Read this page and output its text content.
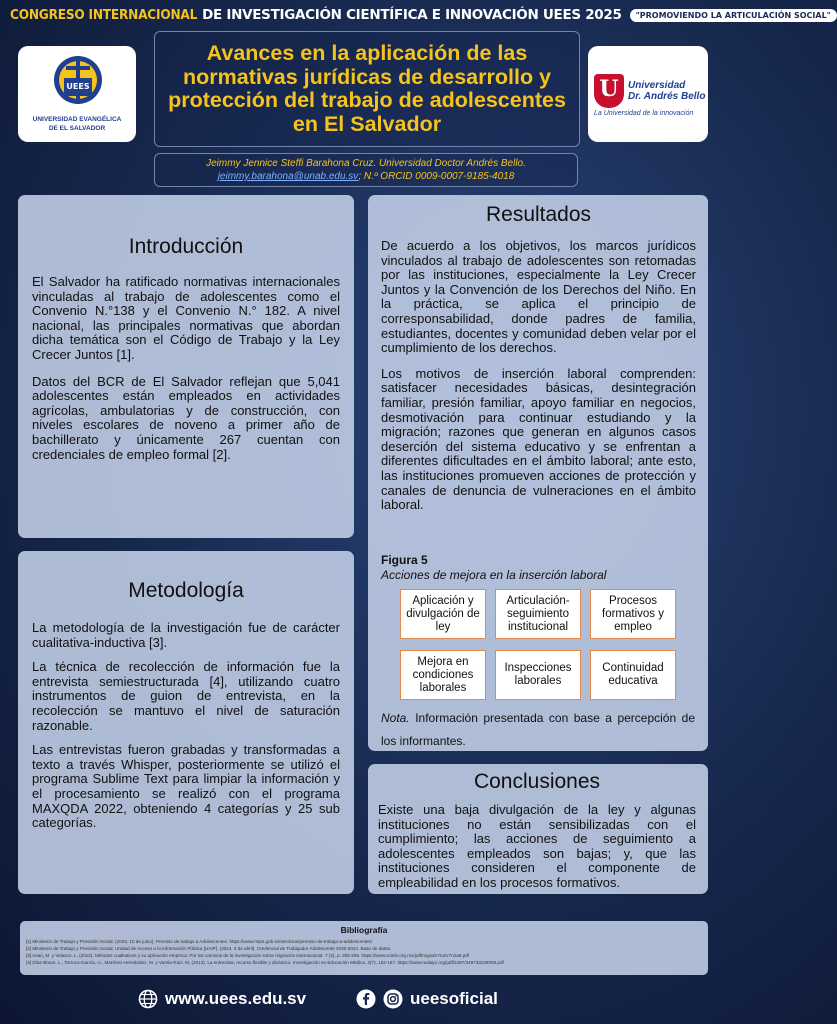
CONGRESO INTERNACIONAL DE INVESTIGACIÓN CIENTÍFICA E INNOVACIÓN UEES 2025	"PROMOVIENDO LA ARTICULACIÓN SOCIAL"
UEES
UNIVERSIDAD EVANGÉLICA
DE EL SALVADOR
Avances en la aplicación de las normativas jurídicas de desarrollo y protección del trabajo de adolescentes en El Salvador
U Universidad
Dr. Andrés Bello
La Universidad de la innovación
Jeimmy Jennice Steffi Barahona Cruz. Universidad Doctor Andrés Bello.
jeimmy.barahona@unab.edu.sv; N.º ORCID 0009-0007-9185-4018
Introducción

El Salvador ha ratificado normativas internacionales vinculadas al trabajo de adolescentes como el Convenio N.°138 y el Convenio N.° 182. A nivel nacional, las principales normativas que abordan dicha temática son el Código de Trabajo y la Ley Crecer Juntos [1].

Datos del BCR de El Salvador reflejan que 5,041 adolescentes están empleados en actividades agrícolas, ambulatorias y de construcción, con niveles escolares de noveno a primer año de bachillerato y únicamente 267 cuentan con credenciales de empleo formal [2].

Metodología

La metodología de la investigación fue de carácter cualitativa-inductiva [3].

La técnica de recolección de información fue la entrevista semiestructurada [4], utilizando cuatro instrumentos de guion de entrevista, en la recolección se mantuvo el nivel de saturación razonable.

Las entrevistas fueron grabadas y transformadas a texto a través Whisper, posteriormente se utilizó el programa Sublime Text para limpiar la información y el procesamiento se realizó con el programa MAXQDA 2022, obteniendo 4 categorías y 25 sub categorías.

Resultados

De acuerdo a los objetivos, los marcos jurídicos vinculados al trabajo de adolescentes son retomadas por las instituciones, especialmente la Ley Crecer Juntos y la Convención de los Derechos del Niño. En la práctica, se aplica el principio de corresponsabilidad, donde padres de familia, estudiantes, docentes y comunidad deben velar por el cumplimiento de los derechos.

Los motivos de inserción laboral comprenden: satisfacer necesidades básicas, desintegración familiar, presión familiar, apoyo familiar en negocios, desmotivación para continuar estudiando y la migración; razones que generan en algunos casos deserción del sistema educativo y se enfrentan a diferentes dificultades en el ámbito laboral; ante esto, las instituciones promueven acciones de protección y canales de denuncia de vulneraciones en el ámbito laboral.

Figura 5
Acciones de mejora en la inserción laboral
Aplicación y divulgación de ley
Articulación-seguimiento institucional
Procesos formativos y empleo
Mejora en condiciones laborales
Inspecciones laborales
Continuidad educativa
Nota. Información presentada con base a percepción de los informantes.
Conclusiones

Existe una baja divulgación de la ley y algunas instituciones no están sensibilizadas con el cumplimiento; las acciones de seguimiento a adolescentes empleados son bajas; y, que las instituciones consideren el componente de empleabilidad en los procesos formativos.

Bibliografía
[1] Ministerio de Trabajo y Previsión Social. (2023, 10 de junio). Permiso de trabajo a Adolescentes. https://www.mtps.gob.sv/servicios/permiso-de-trabajo-a-adolescentes/
[2] Ministerio de Trabajo y Previsión Social, Unidad de Acceso a la Información Pública [UAIP]. (2024, 8 de abril). Credencial de Trabajador Adolescente 2020-2024. Base de datos.
[3] Anaú, M. y Velasco, L. (2012). Métodos cualitativos y su aplicación empírica: Por los caminos de la investigación sobre migración internacional. 7 (2), p. 255-259. https://www.scielo.org.mx/pdf/migra/v7n2/v7n2a9.pdf
[4] Díaz-Bravo, L., Torruco-García, U., Martínez-Hernández, M. y Varela-Ruiz, M. (2013). La entrevista, recurso flexible y dinámico. Investigación en Educación Médica, 2(7), 162-167. https://www.redalyc.org/pdf/3497/349733228009.pdf
www.uees.edu.sv	ueesoficial
